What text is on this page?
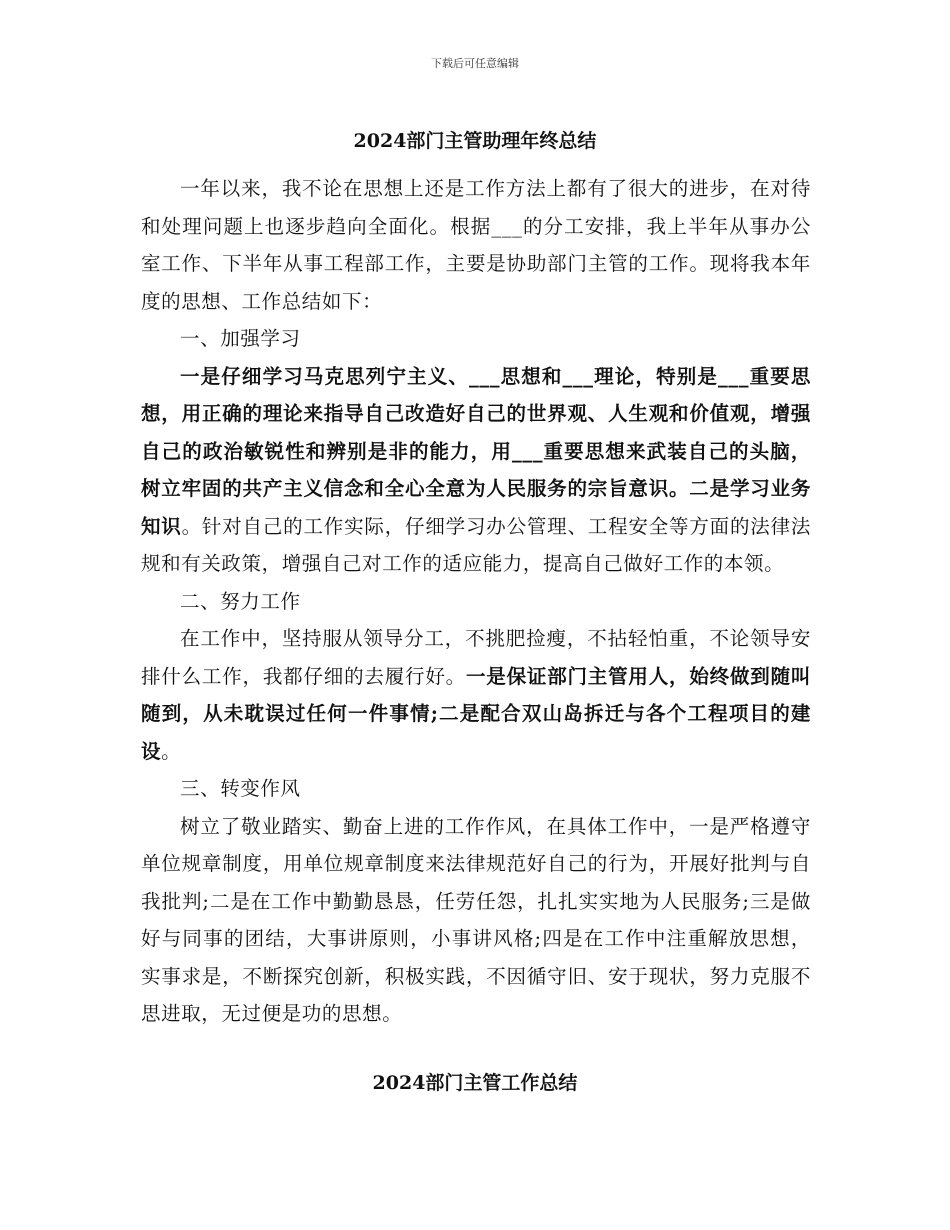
下载后可任意编辑
2024部门主管助理年终总结

一年以来，我不论在思想上还是工作方法上都有了很大的进步，在对待和处理问题上也逐步趋向全面化。根据___的分工安排，我上半年从事办公室工作、下半年从事工程部工作，主要是协助部门主管的工作。现将我本年度的思想、工作总结如下：

一、加强学习

一是仔细学习马克思列宁主义、___思想和___理论，特别是___重要思想，用正确的理论来指导自己改造好自己的世界观、人生观和价值观，增强自己的政治敏锐性和辨别是非的能力，用___重要思想来武装自己的头脑，树立牢固的共产主义信念和全心全意为人民服务的宗旨意识。二是学习业务知识。针对自己的工作实际，仔细学习办公管理、工程安全等方面的法律法规和有关政策，增强自己对工作的适应能力，提高自己做好工作的本领。

二、努力工作

在工作中，坚持服从领导分工，不挑肥捡瘦，不拈轻怕重，不论领导安排什么工作，我都仔细的去履行好。一是保证部门主管用人，始终做到随叫随到，从未耽误过任何一件事情;二是配合双山岛拆迁与各个工程项目的建设。

三、转变作风

树立了敬业踏实、勤奋上进的工作作风，在具体工作中，一是严格遵守单位规章制度，用单位规章制度来法律规范好自己的行为，开展好批判与自我批判;二是在工作中勤勤恳恳，任劳任怨，扎扎实实地为人民服务;三是做好与同事的团结，大事讲原则，小事讲风格;四是在工作中注重解放思想，实事求是，不断探究创新，积极实践，不因循守旧、安于现状，努力克服不思进取，无过便是功的思想。

2024部门主管工作总结
